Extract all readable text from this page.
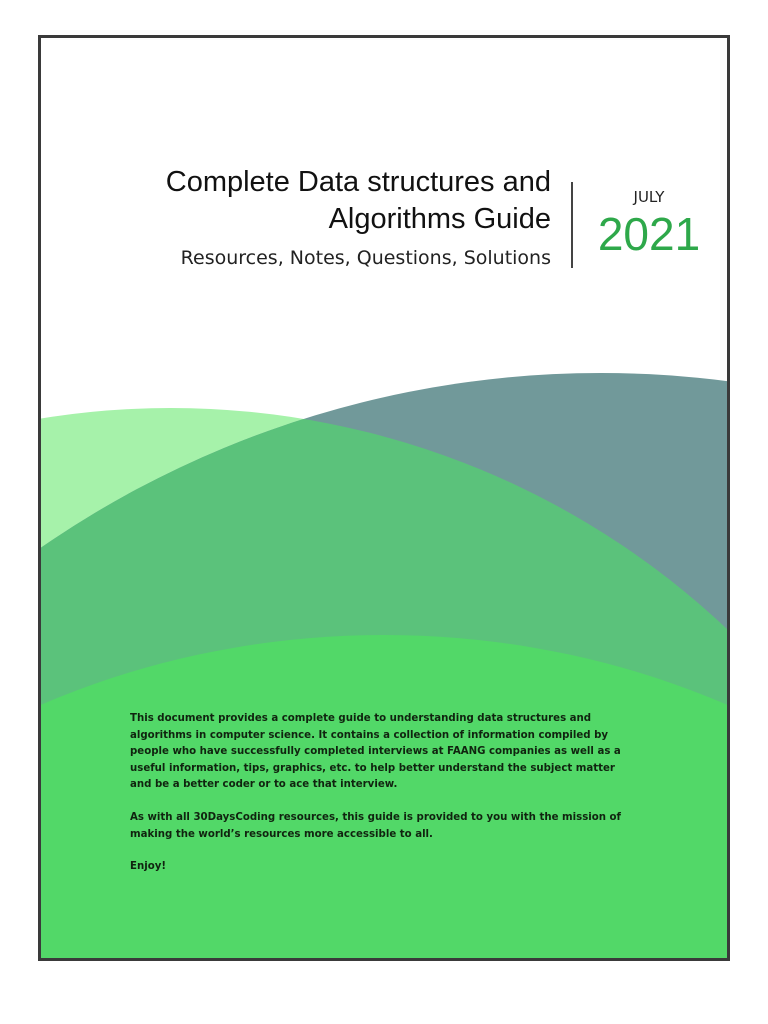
Complete Data structures and
Algorithms Guide
Resources, Notes, Questions, Solutions
JULY
2021

This document provides a complete guide to understanding data structures and algorithms in computer science. It contains a collection of information compiled by people who have successfully completed interviews at FAANG companies as well as a useful information, tips, graphics, etc. to help better understand the subject matter and be a better coder or to ace that interview.

As with all 30DaysCoding resources, this guide is provided to you with the mission of making the world’s resources more accessible to all.

Enjoy!
